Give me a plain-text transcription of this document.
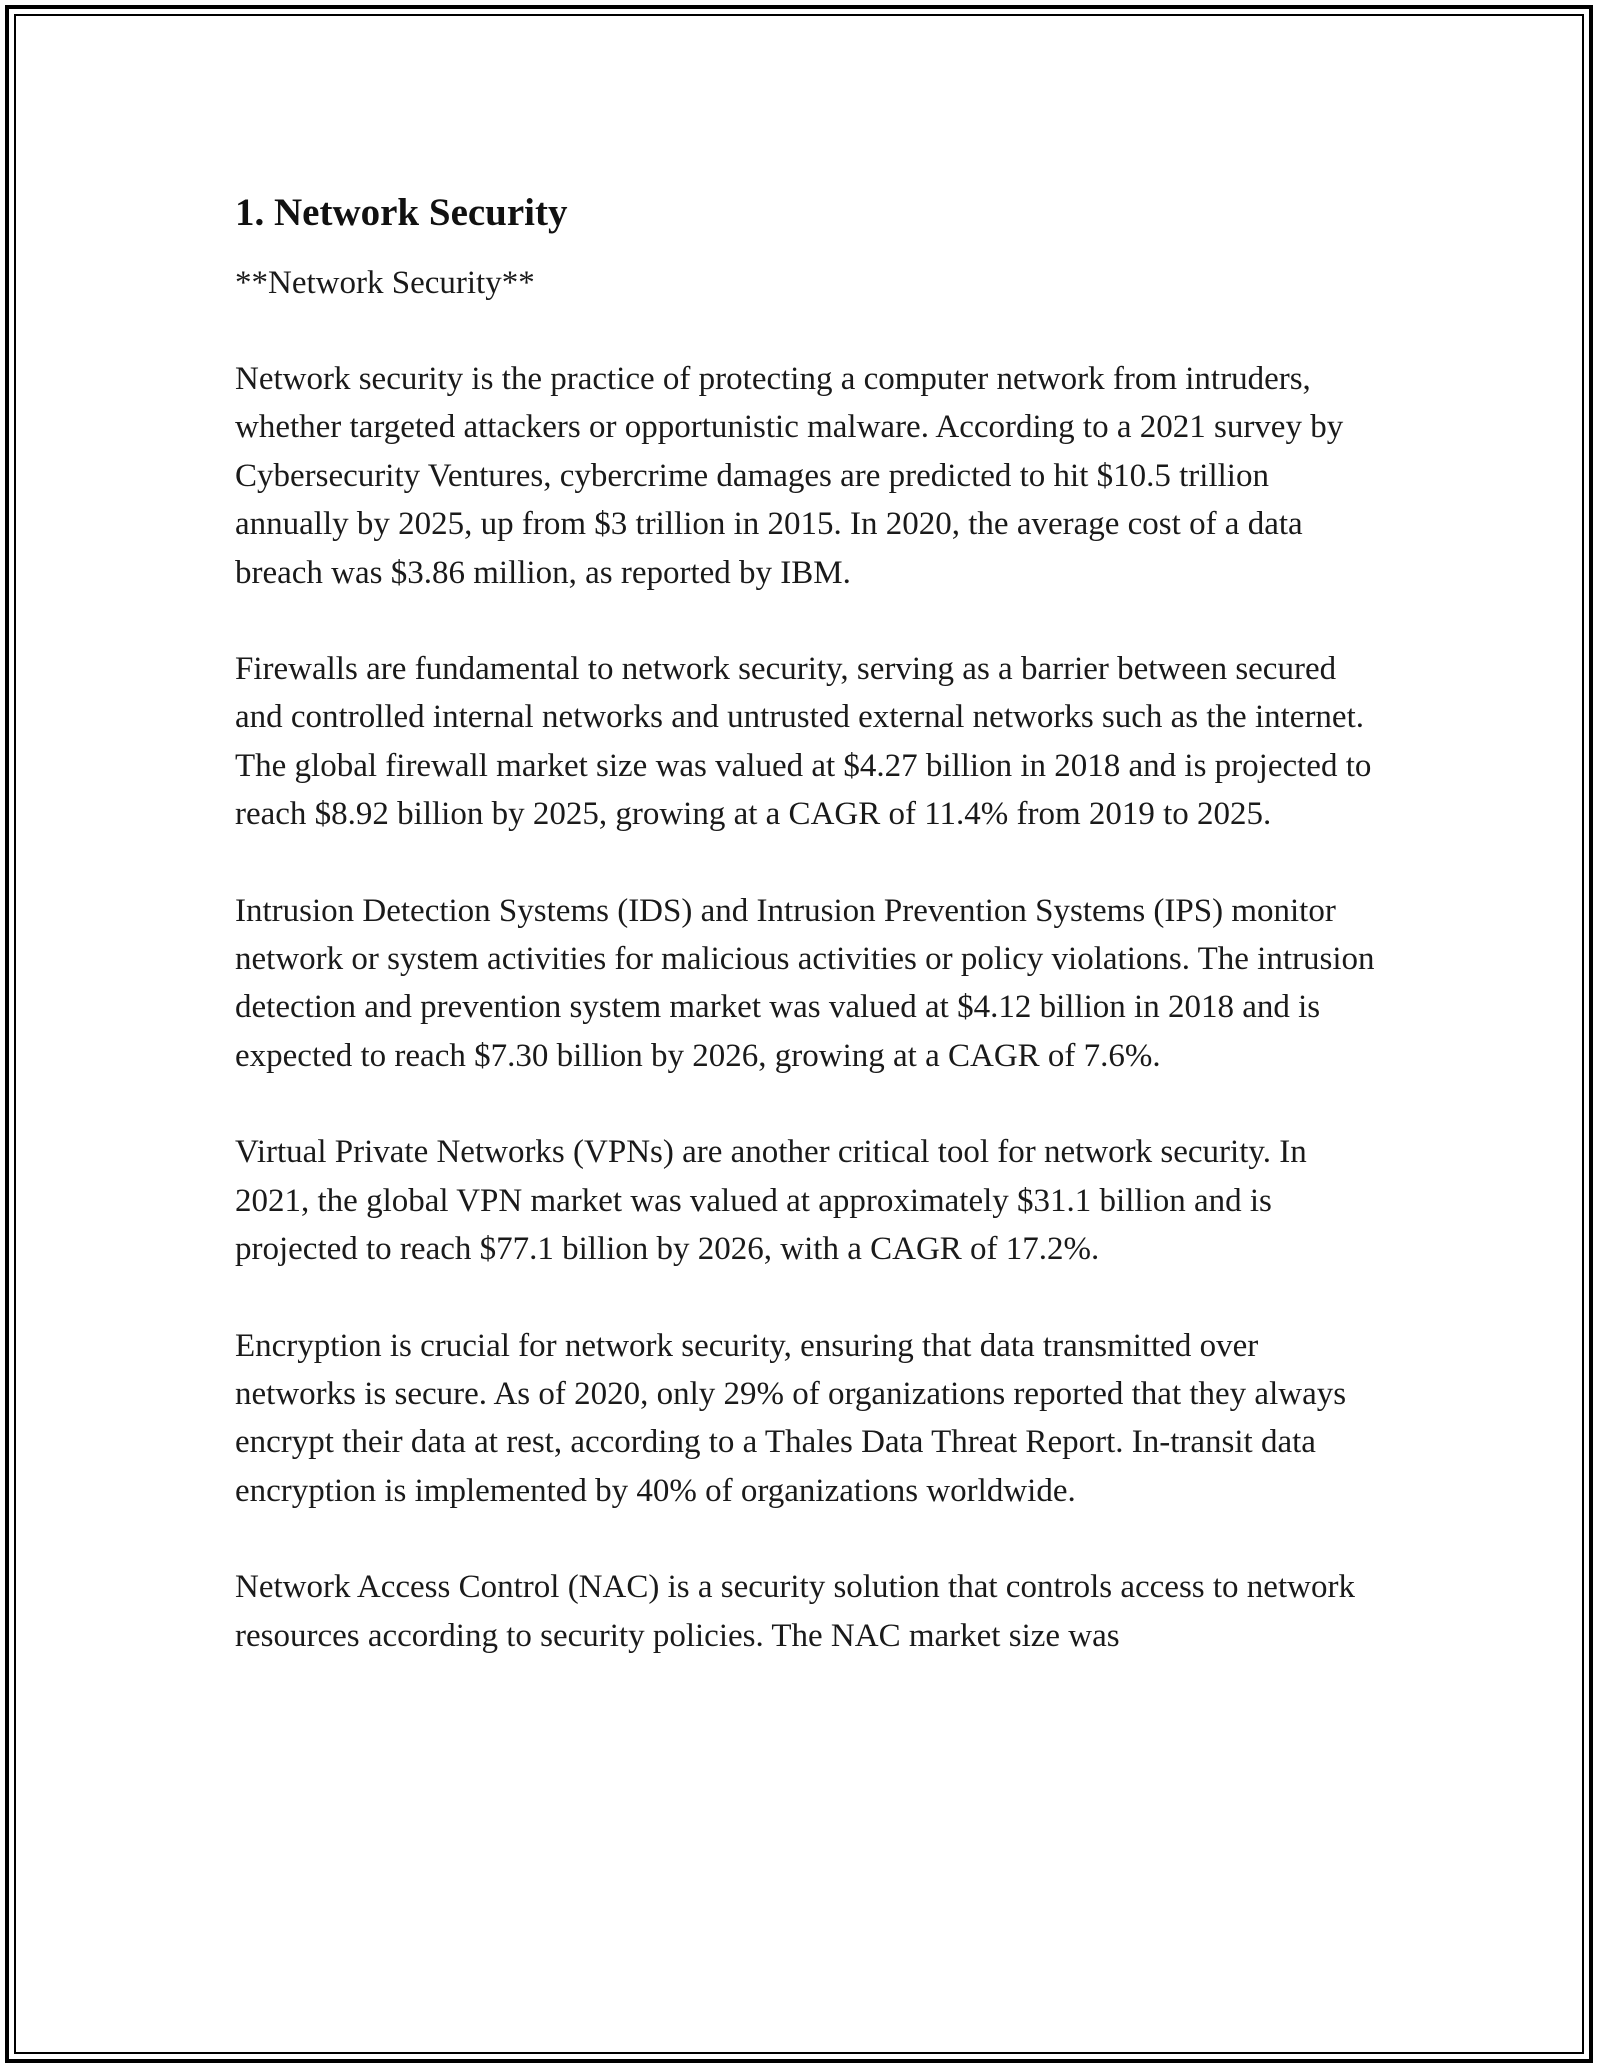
1. Network Security

**Network Security**

Network security is the practice of protecting a computer network from intruders, whether targeted attackers or opportunistic malware. According to a 2021 survey by Cybersecurity Ventures, cybercrime damages are predicted to hit $10.5 trillion annually by 2025, up from $3 trillion in 2015. In 2020, the average cost of a data breach was $3.86 million, as reported by IBM.

Firewalls are fundamental to network security, serving as a barrier between secured and controlled internal networks and untrusted external networks such as the internet. The global firewall market size was valued at $4.27 billion in 2018 and is projected to reach $8.92 billion by 2025, growing at a CAGR of 11.4% from 2019 to 2025.

Intrusion Detection Systems (IDS) and Intrusion Prevention Systems (IPS) monitor network or system activities for malicious activities or policy violations. The intrusion detection and prevention system market was valued at $4.12 billion in 2018 and is expected to reach $7.30 billion by 2026, growing at a CAGR of 7.6%.

Virtual Private Networks (VPNs) are another critical tool for network security. In 2021, the global VPN market was valued at approximately $31.1 billion and is projected to reach $77.1 billion by 2026, with a CAGR of 17.2%.

Encryption is crucial for network security, ensuring that data transmitted over networks is secure. As of 2020, only 29% of organizations reported that they always encrypt their data at rest, according to a Thales Data Threat Report. In-transit data encryption is implemented by 40% of organizations worldwide.

Network Access Control (NAC) is a security solution that controls access to network resources according to security policies. The NAC market size was
